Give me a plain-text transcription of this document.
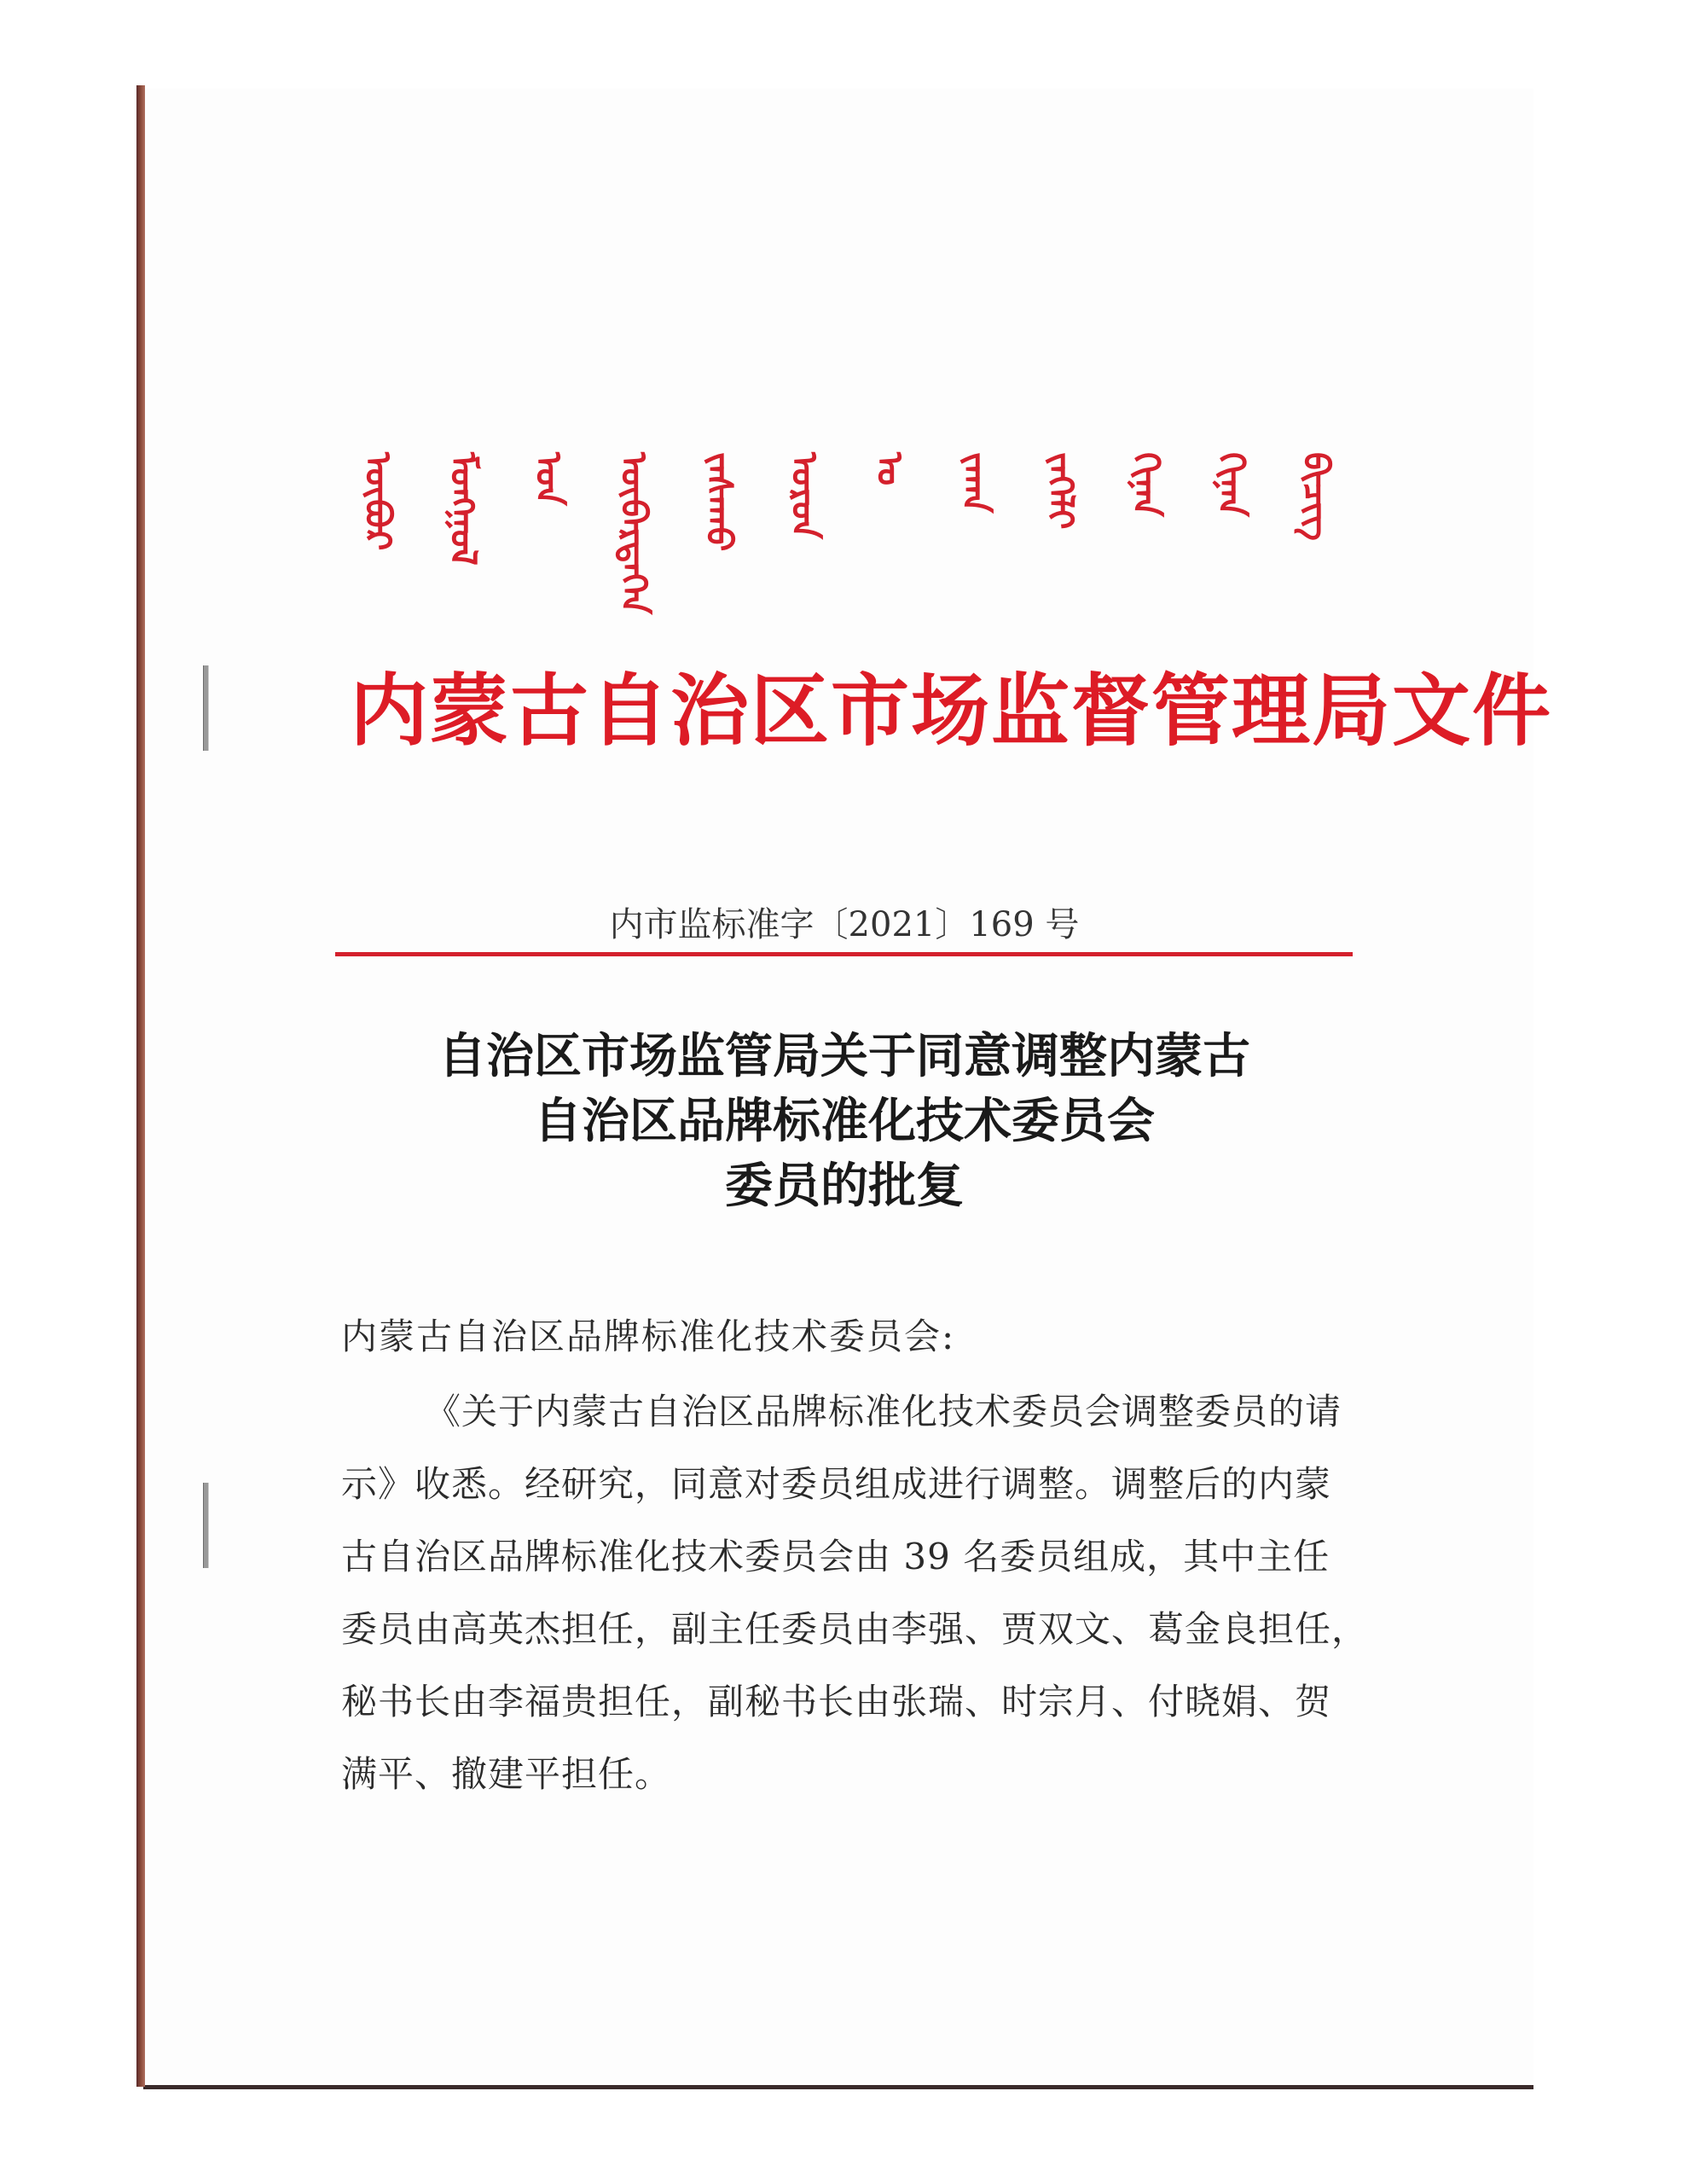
ᠥᠪᠦᠷ ᠮᠣᠩᠭᠣᠯ ᠤᠨ ᠥᠪᠡᠷᠲᠡᠭᠡᠨ ᠵᠠᠰᠠᠬᠤ ᠣᠷᠤᠨ ᠤ ᠵᠠᠬᠠ ᠵᠡᠭᠡᠯᠢ ᠬᠢᠨᠠᠨ ᠬᠢᠨᠠᠨ ᠪᠢᠴᠢᠭ
内蒙古自治区市场监督管理局文件
内市监标准字〔2021〕169 号
自治区市场监管局关于同意调整内蒙古
自治区品牌标准化技术委员会
委员的批复
内蒙古自治区品牌标准化技术委员会:
《关于内蒙古自治区品牌标准化技术委员会调整委员的请
示》收悉。经研究，同意对委员组成进行调整。调整后的内蒙
古自治区品牌标准化技术委员会由 39 名委员组成，其中主任
委员由高英杰担任，副主任委员由李强、贾双文、葛金良担任，
秘书长由李福贵担任，副秘书长由张瑞、时宗月、付晓娟、贺
满平、撤建平担任。
